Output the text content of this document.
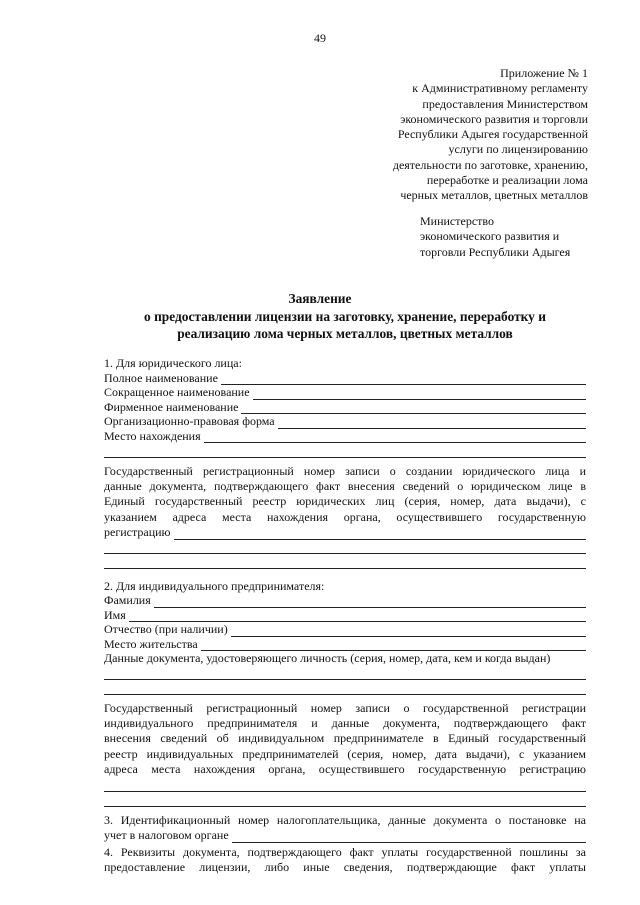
49
Приложение № 1
к Административному регламенту
предоставления Министерством
экономического развития и торговли
Республики Адыгея государственной
услуги по лицензированию
деятельности по заготовке, хранению,
переработке и реализации лома
черных металлов, цветных металлов
Министерство
экономического развития и
торговли Республики Адыгея
Заявление
о предоставлении лицензии на заготовку, хранение, переработку и
реализацию лома черных металлов, цветных металлов
1. Для юридического лица:
Полное наименование
Сокращенное наименование
Фирменное наименование
Организационно-правовая форма
Место нахождения
Государственный регистрационный номер записи о создании юридического лица и
данные документа, подтверждающего факт внесения сведений о юридическом лице в
Единый государственный реестр юридических лиц (серия, номер, дата выдачи), с
указанием адреса места нахождения органа, осуществившего государственную
регистрацию
2. Для индивидуального предпринимателя:
Фамилия
Имя
Отчество (при наличии)
Место жительства
Данные документа, удостоверяющего личность (серия, номер, дата, кем и когда выдан)
Государственный регистрационный номер записи о государственной регистрации
индивидуального предпринимателя и данные документа, подтверждающего факт
внесения сведений об индивидуальном предпринимателе в Единый государственный
реестр индивидуальных предпринимателей (серия, номер, дата выдачи), с указанием
адреса места нахождения органа, осуществившего государственную регистрацию
3. Идентификационный номер налогоплательщика, данные документа о постановке на
учет в налоговом органе
4. Реквизиты документа, подтверждающего факт уплаты государственной пошлины за
предоставление лицензии, либо иные сведения, подтверждающие факт уплаты
